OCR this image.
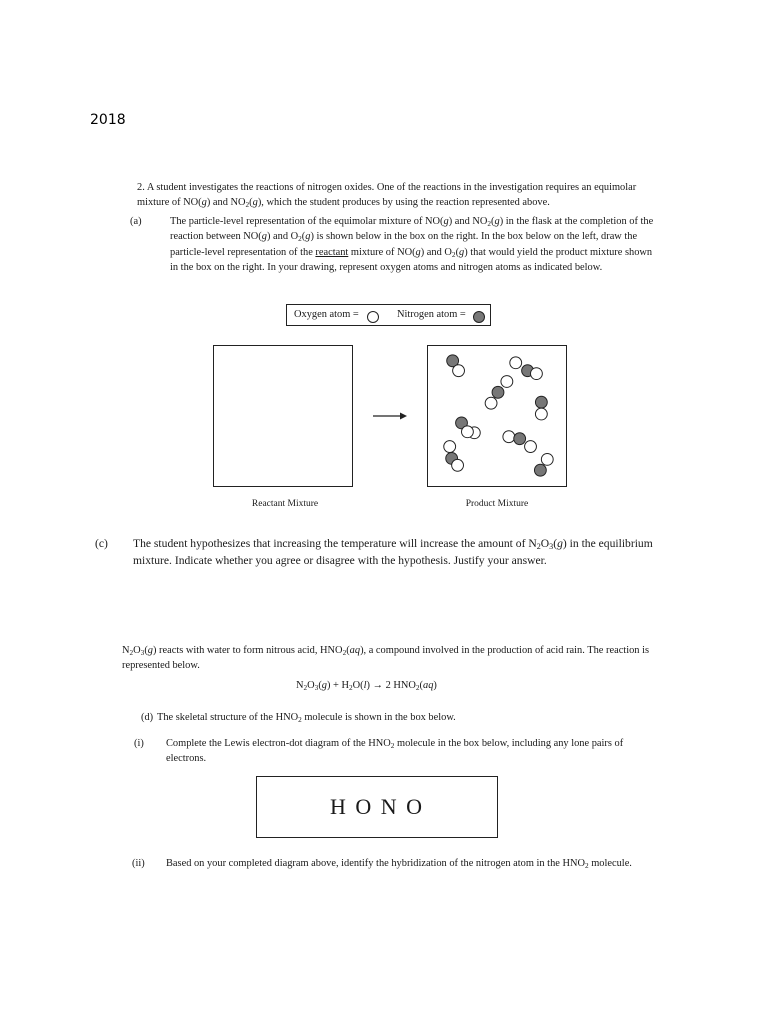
2018
2. A student investigates the reactions of nitrogen oxides. One of the reactions in the investigation requires an equimolar mixture of NO(g) and $NO_2(g)$, which the student produces by using the reaction represented above.
(a)	The particle-level representation of the equimolar mixture of NO(g) and $NO_2(g)$ in the flask at the completion of the reaction between NO(g) and $O_2(g)$ is shown below in the box on the right. In the box below on the left, draw the particle-level representation of the reactant mixture of NO(g) and $O_2(g)$ that would yield the product mixture shown in the box on the right. In your drawing, represent oxygen atoms and nitrogen atoms as indicated below.
Oxygen atom =	Nitrogen atom =
Reactant Mixture	Product Mixture
(c) The student hypothesizes that increasing the temperature will increase the amount of $N_2O_3(g)$ in the equilibrium mixture. Indicate whether you agree or disagree with the hypothesis. Justify your answer.
$N_2O_3(g)$ reacts with water to form nitrous acid, $HNO_2(aq)$, a compound involved in the production of acid rain. The reaction is represented below.
$N_2O_3(g) + H_2O(l) \to 2$ $HNO_2(aq)$
(d) The skeletal structure of the $HNO_2$ molecule is shown in the box below.
(i) Complete the Lewis electron-dot diagram of the $HNO_2$ molecule in the box below, including any lone pairs of electrons.
H O N O
(ii) Based on your completed diagram above, identify the hybridization of the nitrogen atom in the $HNO_2$ molecule.
